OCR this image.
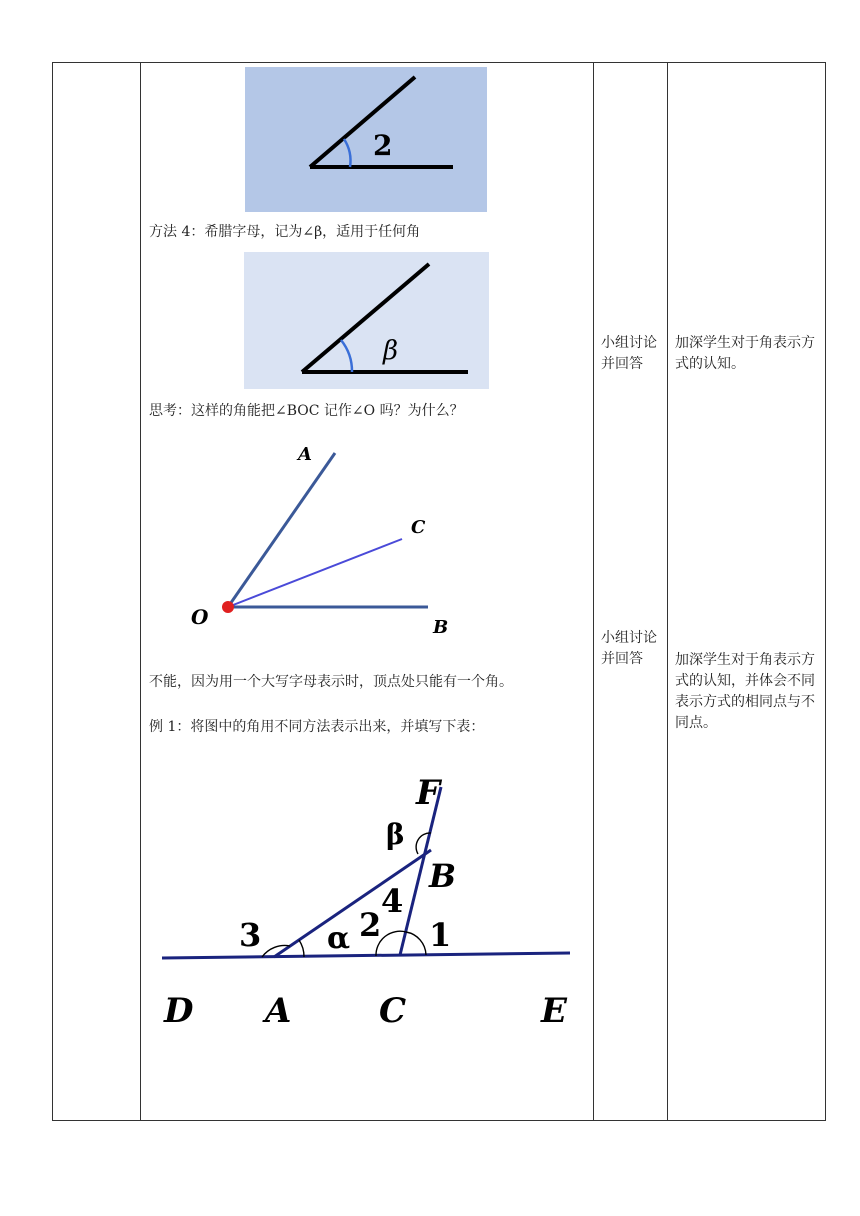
2
方法 4：希腊字母，记为∠β，适用于任何角
β
思考：这样的角能把∠BOC 记作∠O 吗？为什么？
A
C
O	B
不能，因为用一个大写字母表示时，顶点处只能有一个角。
例 1：将图中的角用不同方法表示出来，并填写下表：
F
B
D A	C	E
β
4
3 α 2 1
小组讨论并回答
加深学生对于角表示方式的认知。
小组讨论并回答	加深学生对于角表示方式的认知，并体会不同表示方式的相同点与不同点。
